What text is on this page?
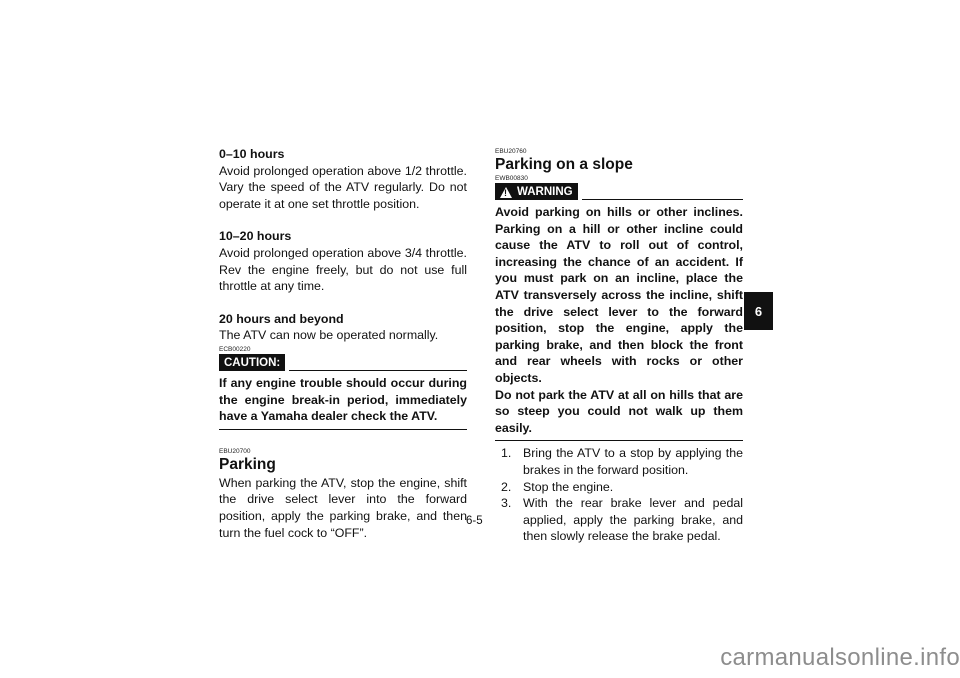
0–10 hours

Avoid prolonged operation above 1/2 throttle. Vary the speed of the ATV regularly. Do not operate it at one set throttle position.

10–20 hours

Avoid prolonged operation above 3/4 throttle. Rev the engine freely, but do not use full throttle at any time.

20 hours and beyond

The ATV can now be operated normally.

ECB00220
CAUTION:

If any engine trouble should occur during the engine break-in period, immediately have a Yamaha dealer check the ATV.

EBU20700
Parking

When parking the ATV, stop the engine, shift the drive select lever into the forward position, apply the parking brake, and then turn the fuel cock to “OFF”.

EBU20760
Parking on a slope
EWB00830
!
WARNING

Avoid parking on hills or other inclines. Parking on a hill or other incline could cause the ATV to roll out of control, increasing the chance of an accident. If you must park on an incline, place the ATV transversely across the incline, shift the drive select lever to the forward position, stop the engine, apply the parking brake, and then block the front and rear wheels with rocks or other objects.

Do not park the ATV at all on hills that are so steep you could not walk up them easily.

1. Bring the ATV to a stop by applying the brakes in the forward position.
2. Stop the engine.
3. With the rear brake lever and pedal applied, apply the parking brake, and then slowly release the brake pedal.
6
6-5
carmanualsonline.info
